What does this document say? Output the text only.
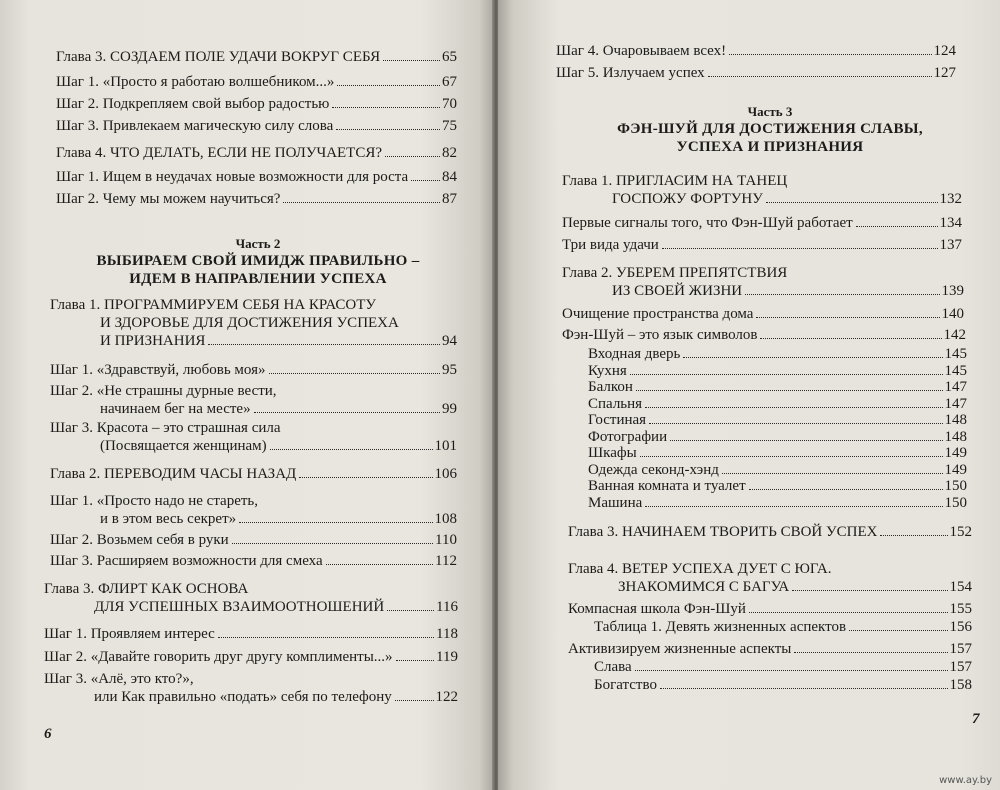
Глава 3. СОЗДАЕМ ПОЛЕ УДАЧИ ВОКРУГ СЕБЯ	65
Шаг 1. «Просто я работаю волшебником...»	67
Шаг 2. Подкрепляем свой выбор радостью	70
Шаг 3. Привлекаем магическую силу слова	75
Глава 4. ЧТО ДЕЛАТЬ, ЕСЛИ НЕ ПОЛУЧАЕТСЯ?	82
Шаг 1. Ищем в неудачах новые возможности для роста 84
Шаг 2. Чему мы можем научиться?	87
Глава 1. ПРОГРАММИРУЕМ СЕБЯ НА КРАСОТУ
И ЗДОРОВЬЕ ДЛЯ ДОСТИЖЕНИЯ УСПЕХА
И ПРИЗНАНИЯ	94
Шаг 1. «Здравствуй, любовь моя»	95
Шаг 2. «Не страшны дурные вести,
начинаем бег на месте»	99
Шаг 3. Красота – это страшная сила
(Посвящается женщинам)	101
Глава 2. ПЕРЕВОДИМ ЧАСЫ НАЗАД	106
Шаг 1. «Просто надо не стареть,
и в этом весь секрет»	108
Шаг 2. Возьмем себя в руки	110
Шаг 3. Расширяем возможности для смеха	112
Глава 3. ФЛИРТ КАК ОСНОВА
ДЛЯ УСПЕШНЫХ ВЗАИМООТНОШЕНИЙ	116
Шаг 1. Проявляем интерес	118
Шаг 2. «Давайте говорить друг другу комплименты...»	119
Шаг 3. «Алё, это кто?»,
или Как правильно «подать» себя по телефону	122
Часть 2
ВЫБИРАЕМ СВОЙ ИМИДЖ ПРАВИЛЬНО –
ИДЕМ В НАПРАВЛЕНИИ УСПЕХА
6
Шаг 4. Очаровываем всех!	124
Шаг 5. Излучаем успех	127
Глава 1. ПРИГЛАСИМ НА ТАНЕЦ
ГОСПОЖУ ФОРТУНУ	132
Первые сигналы того, что Фэн-Шуй работает	134
Три вида удачи	137
Глава 2. УБЕРЕМ ПРЕПЯТСТВИЯ
ИЗ СВОЕЙ ЖИЗНИ	139
Очищение пространства дома	140
Фэн-Шуй – это язык символов	142
Входная дверь	145
Кухня	145
Балкон	147
Спальня	147
Гостиная	148
Фотографии	148
Шкафы	149
Одежда секонд-хэнд	149
Ванная комната и туалет	150
Машина	150
Глава 3. НАЧИНАЕМ ТВОРИТЬ СВОЙ УСПЕХ	152
Глава 4. ВЕТЕР УСПЕХА ДУЕТ С ЮГА.
ЗНАКОМИМСЯ С БАГУА	154
Компасная школа Фэн-Шуй	155
Таблица 1. Девять жизненных аспектов	156
Активизируем жизненные аспекты	157
Слава	157
Богатство	158
Часть 3
ФЭН-ШУЙ ДЛЯ ДОСТИЖЕНИЯ СЛАВЫ,
УСПЕХА И ПРИЗНАНИЯ
7
www.ay.by
